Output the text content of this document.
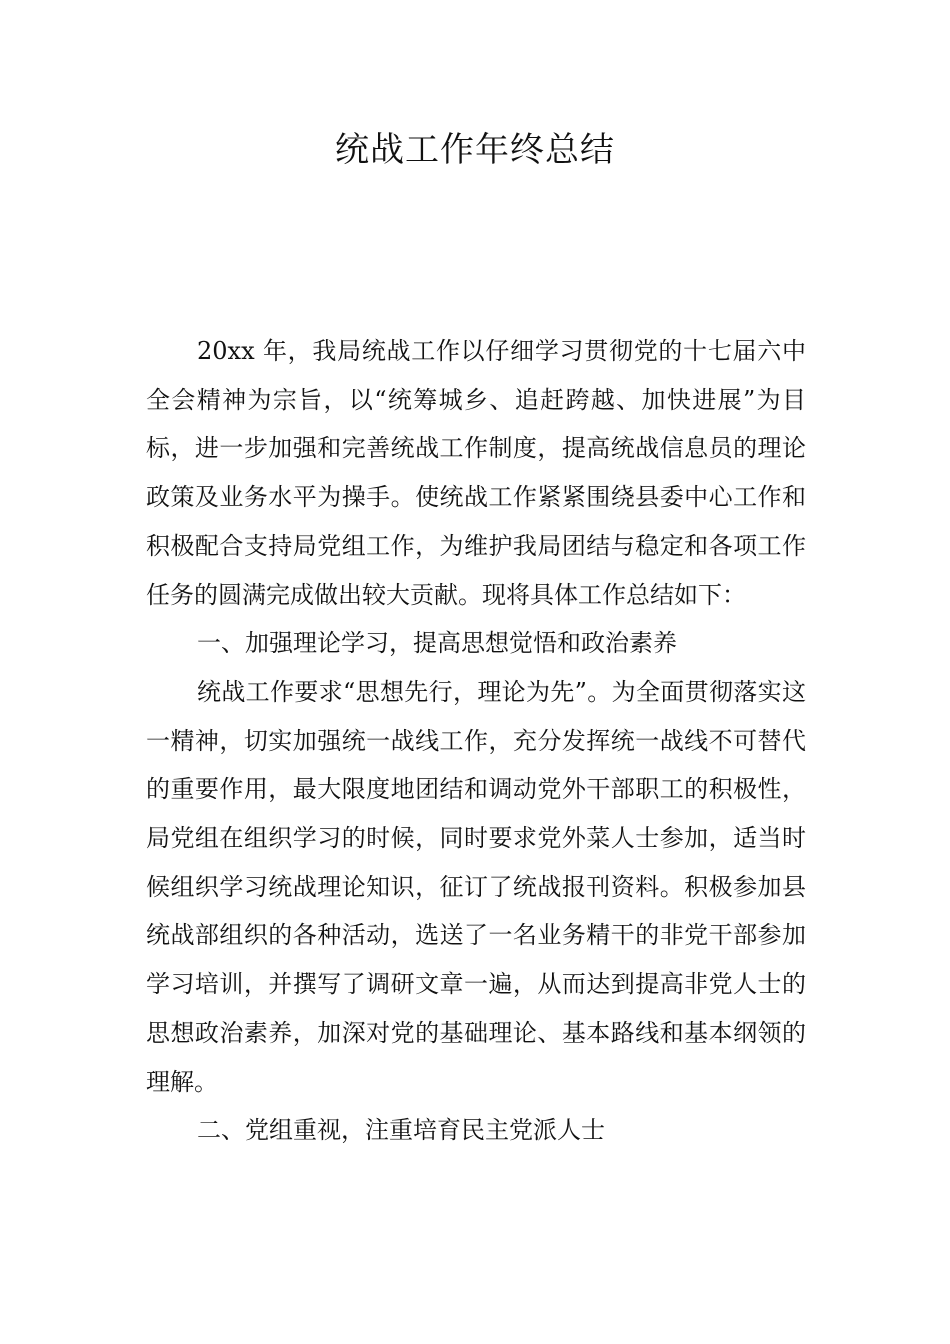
统战工作年终总结

20xx 年，我局统战工作以仔细学习贯彻党的十七届六中全会精神为宗旨，以“统筹城乡、追赶跨越、加快进展”为目标，进一步加强和完善统战工作制度，提高统战信息员的理论政策及业务水平为操手。使统战工作紧紧围绕县委中心工作和积极配合支持局党组工作，为维护我局团结与稳定和各项工作任务的圆满完成做出较大贡献。现将具体工作总结如下：

一、加强理论学习，提高思想觉悟和政治素养

统战工作要求“思想先行，理论为先”。为全面贯彻落实这一精神，切实加强统一战线工作，充分发挥统一战线不可替代的重要作用，最大限度地团结和调动党外干部职工的积极性，局党组在组织学习的时候，同时要求党外菜人士参加，适当时候组织学习统战理论知识，征订了统战报刊资料。积极参加县统战部组织的各种活动，选送了一名业务精干的非党干部参加学习培训，并撰写了调研文章一遍，从而达到提高非党人士的思想政治素养，加深对党的基础理论、基本路线和基本纲领的理解。

二、党组重视，注重培育民主党派人士
